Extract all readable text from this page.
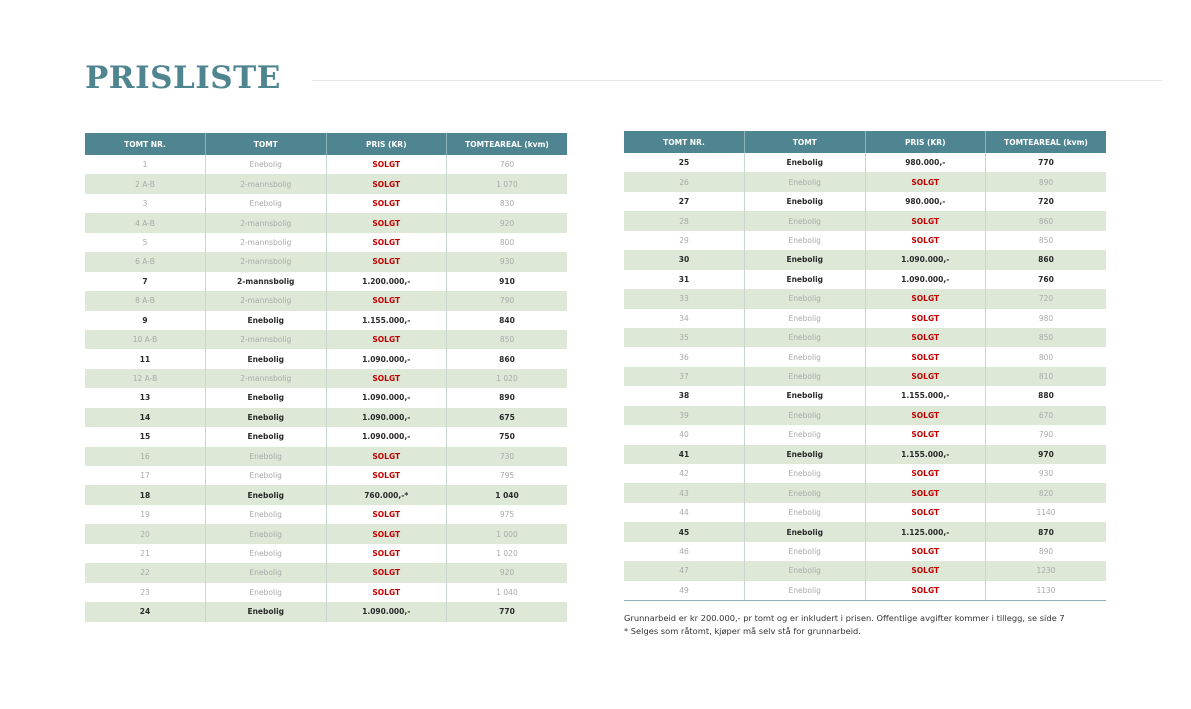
PRISLISTE
TOMT NR.	TOMT	PRIS (KR)	TOMTEAREAL (kvm)
1	Enebolig	SOLGT	760
2 A-B	2-mannsbolig	SOLGT	1 070
3	Enebolig	SOLGT	830
4 A-B	2-mannsbolig	SOLGT	920
5	2-mannsbolig	SOLGT	800
6 A-B	2-mannsbolig	SOLGT	930
7	2-mannsbolig	1.200.000,-	910
8 A-B	2-mannsbolig	SOLGT	790
9	Enebolig	1.155.000,-	840
10 A-B	2-mannsbolig	SOLGT	850
11	Enebolig	1.090.000,-	860
12 A-B	2-mannsbolig	SOLGT	1 020
13	Enebolig	1.090.000,-	890
14	Enebolig	1.090.000,-	675
15	Enebolig	1.090.000,-	750
16	Enebolig	SOLGT	730
17	Enebolig	SOLGT	795
18	Enebolig	760.000,-*	1 040
19	Enebolig	SOLGT	975
20	Enebolig	SOLGT	1 000
21	Enebolig	SOLGT	1 020
22	Enebolig	SOLGT	920
23	Enebolig	SOLGT	1 040
24	Enebolig	1.090.000,-	770
TOMT NR.	TOMT	PRIS (KR)	TOMTEAREAL (kvm)
25	Enebolig	980.000,-	770
26	Enebolig	SOLGT	890
27	Enebolig	980.000,-	720
28	Enebolig	SOLGT	860
29	Enebolig	SOLGT	850
30	Enebolig	1.090.000,-	860
31	Enebolig	1.090.000,-	760
33	Enebolig	SOLGT	720
34	Enebolig	SOLGT	980
35	Enebolig	SOLGT	850
36	Enebolig	SOLGT	800
37	Enebolig	SOLGT	810
38	Enebolig	1.155.000,-	880
39	Enebolig	SOLGT	670
40	Enebolig	SOLGT	790
41	Enebolig	1.155.000,-	970
42	Enebolig	SOLGT	930
43	Enebolig	SOLGT	820
44	Enebolig	SOLGT	1140
45	Enebolig	1.125.000,-	870
46	Enebolig	SOLGT	890
47	Enebolig	SOLGT	1230
49	Enebolig	SOLGT	1130
Grunnarbeid er kr 200.000,- pr tomt og er inkludert i prisen. Offentlige avgifter kommer i tillegg, se side 7
* Selges som råtomt, kjøper må selv stå for grunnarbeid.
